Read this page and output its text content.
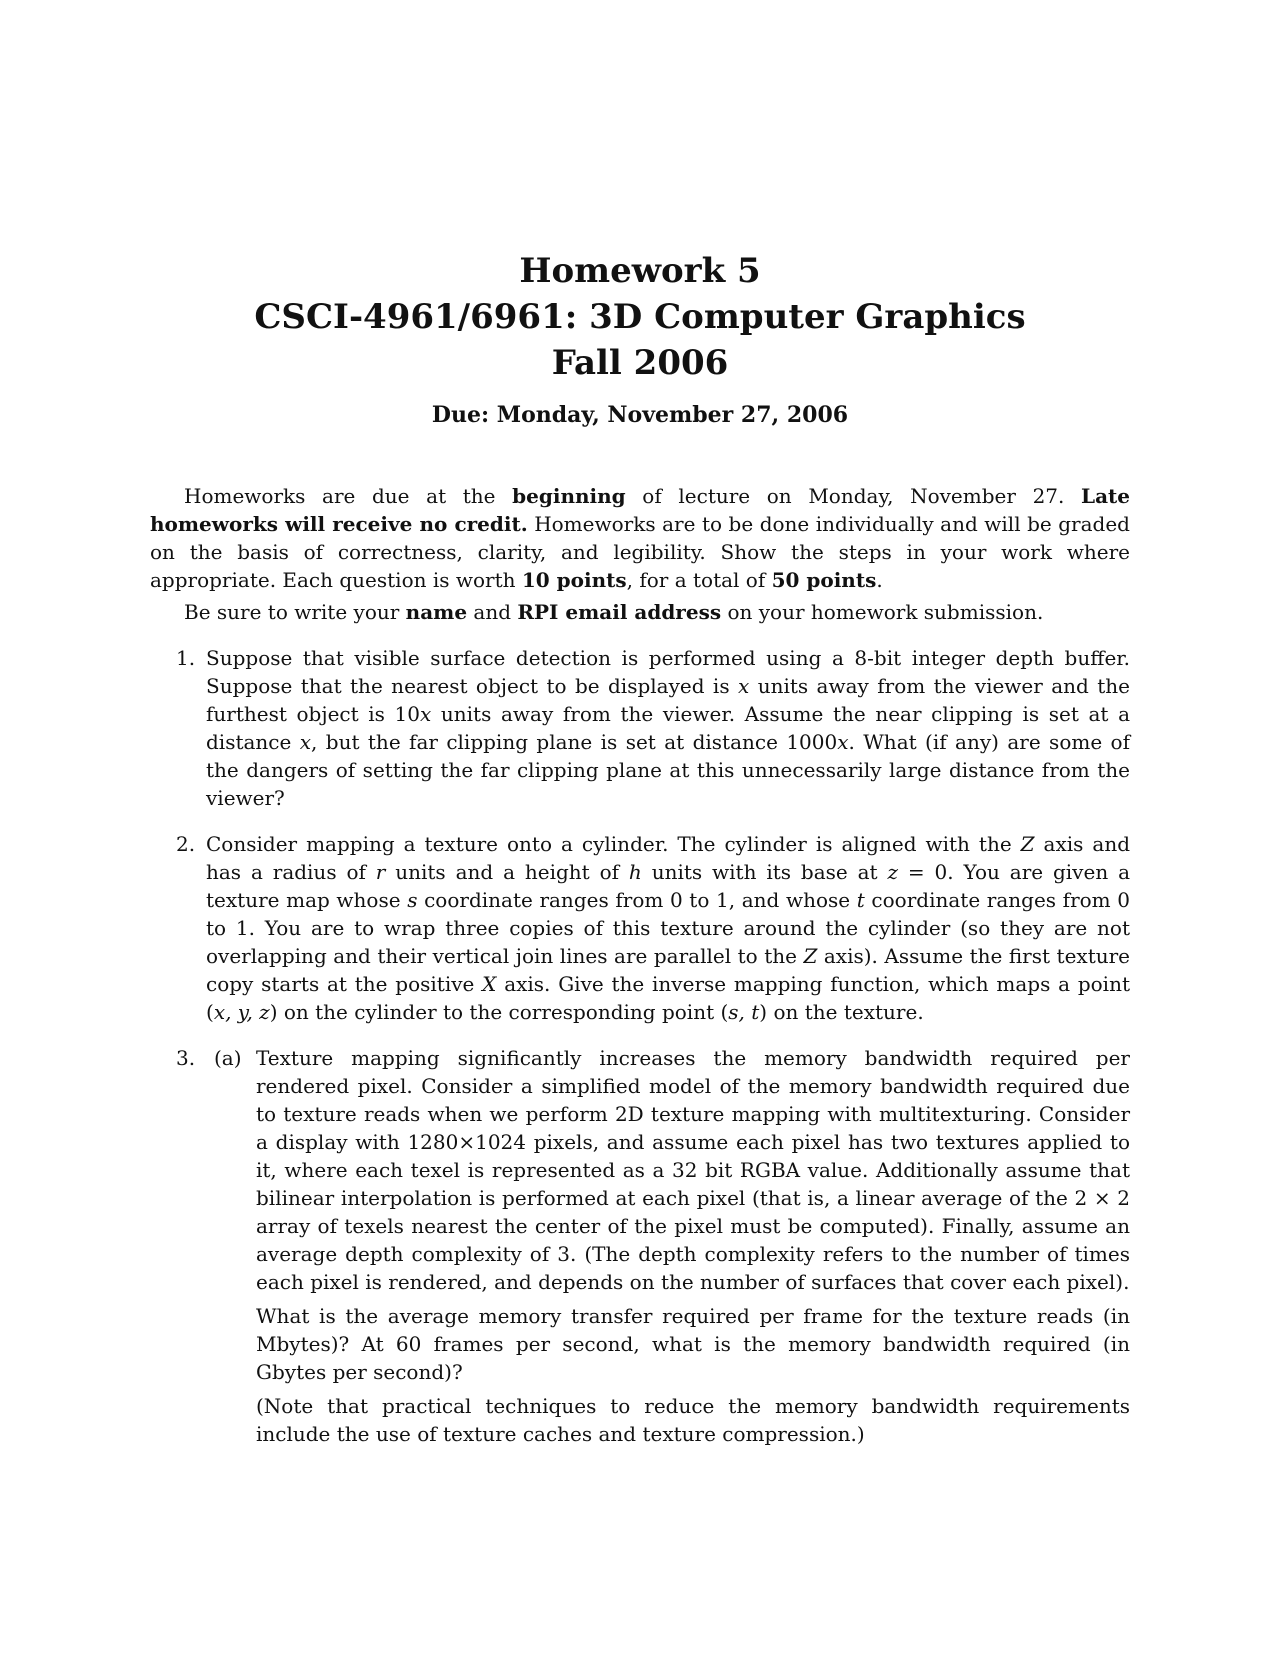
Homework 5
CSCI-4961/6961: 3D Computer Graphics
Fall 2006
Due: Monday, November 27, 2006

Homeworks are due at the beginning of lecture on Monday, November 27. Late homeworks will receive no credit. Homeworks are to be done individually and will be graded on the basis of correctness, clarity, and legibility. Show the steps in your work where appropriate. Each question is worth 10 points, for a total of 50 points.

Be sure to write your name and RPI email address on your homework submission.

1. Suppose that visible surface detection is performed using a 8-bit integer depth buffer. Suppose that the nearest object to be displayed is x units away from the viewer and the furthest object is 10x units away from the viewer. Assume the near clipping is set at a distance x, but the far clipping plane is set at distance 1000x. What (if any) are some of the dangers of setting the far clipping plane at this unnecessarily large distance from the viewer?
2. Consider mapping a texture onto a cylinder. The cylinder is aligned with the Z axis and has a radius of r units and a height of h units with its base at z = 0. You are given a texture map whose s coordinate ranges from 0 to 1, and whose t coordinate ranges from 0 to 1. You are to wrap three copies of this texture around the cylinder (so they are not overlapping and their vertical join lines are parallel to the Z axis). Assume the first texture copy starts at the positive X axis. Give the inverse mapping function, which maps a point (x, y, z) on the cylinder to the corresponding point (s, t) on the texture.
3. (a) Texture mapping significantly increases the memory bandwidth required per rendered pixel. Consider a simplified model of the memory bandwidth required due to texture reads when we perform 2D texture mapping with multitexturing. Consider a display with 1280×1024 pixels, and assume each pixel has two textures applied to it, where each texel is represented as a 32 bit RGBA value. Additionally assume that bilinear interpolation is performed at each pixel (that is, a linear average of the 2 × 2 array of texels nearest the center of the pixel must be computed). Finally, assume an average depth complexity of 3. (The depth complexity refers to the number of times each pixel is rendered, and depends on the number of surfaces that cover each pixel).

What is the average memory transfer required per frame for the texture reads (in Mbytes)? At 60 frames per second, what is the memory bandwidth required (in Gbytes per second)?

(Note that practical techniques to reduce the memory bandwidth requirements include the use of texture caches and texture compression.)
